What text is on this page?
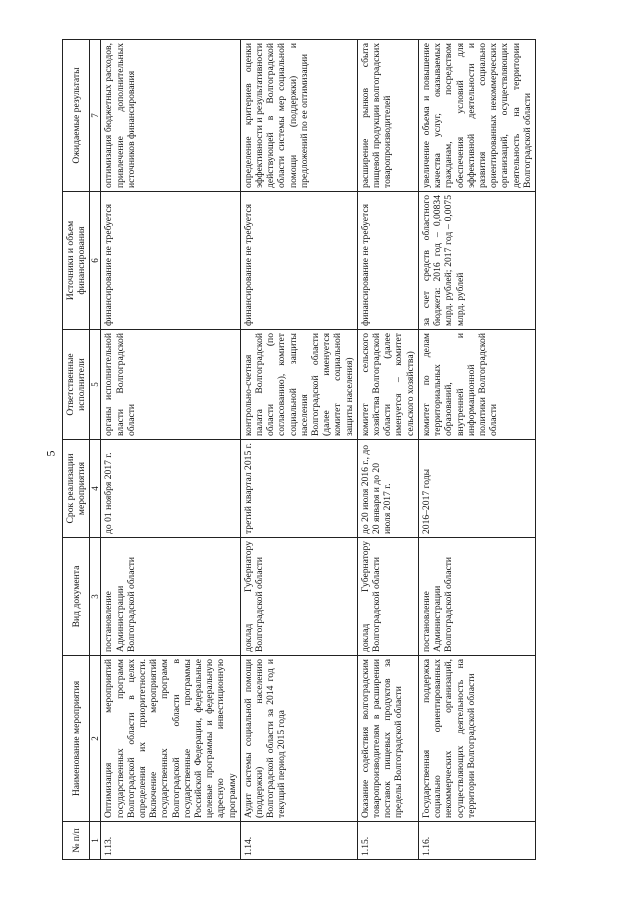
5
№ п/п	Наименование мероприятия	Вид документа	Срок реализации мероприятия	Ответственные исполнители	Источники и объем финансирования	Ожидаемые результаты
1	2	3	4	5	6	7
1.13.	Оптимизация мероприятий государственных программ Волгоградской области в целях определения их приоритетности. Включение мероприятий государственных программ Волгоградской области в государственные программы Российской Федерации, федеральные целевые программы и федеральную адресную инвестиционную программу	постановление Администрации Волгоградской области	до 01 ноября 2017 г.	органы исполнительной власти Волгоградской области	финансирование не требуется	оптимизация бюджетных расходов, привлечение дополнительных источников финансирования
1.14.	Аудит системы социальной помощи (поддержки) населению Волгоградской области за 2014 год и текущий период 2015 года	доклад Губернатору Волгоградской области	третий квартал 2015 г.	контрольно-счетная палата Волгоградской области (по согласованию), комитет социальной защиты населения Волгоградской области (далее именуется комитет социальной защиты населения)	финансирование не требуется	определение критериев оценки эффективности и результативности действующей в Волгоградской области системы мер социальной помощи (поддержки) и предложений по ее оптимизации
1.15.	Оказание содействия волгоградским товаропроизводителям в расширении поставок пищевых продуктов за пределы Волгоградской области	доклад Губернатору Волгоградской области	до 20 июля 2016 г., до 20 января и до 20 июля 2017 г.	комитет сельского хозяйства Волгоградской области (далее именуется – комитет сельского хозяйства)	финансирование не требуется	расширение рынков сбыта пищевой продукции волгоградских товаропроизводителей
1.16.	Государственная поддержка социально ориентированных некоммерческих организаций, осуществляющих деятельность на территории Волгоградской области	постановление Администрации Волгоградской области	2016–2017 годы	комитет по делам территориальных образований, внутренней и информационной политики Волгоградской области	за счет средств областного бюджета: 2016 год – 0,00834 млрд. рублей; 2017 год – 0,0075 млрд. рублей	увеличение объема и повышение качества услуг, оказываемых гражданам, посредством обеспечения условий для эффективной деятельности и развития социально ориентированных некоммерческих организаций, осуществляющих деятельность на территории Волгоградской области
